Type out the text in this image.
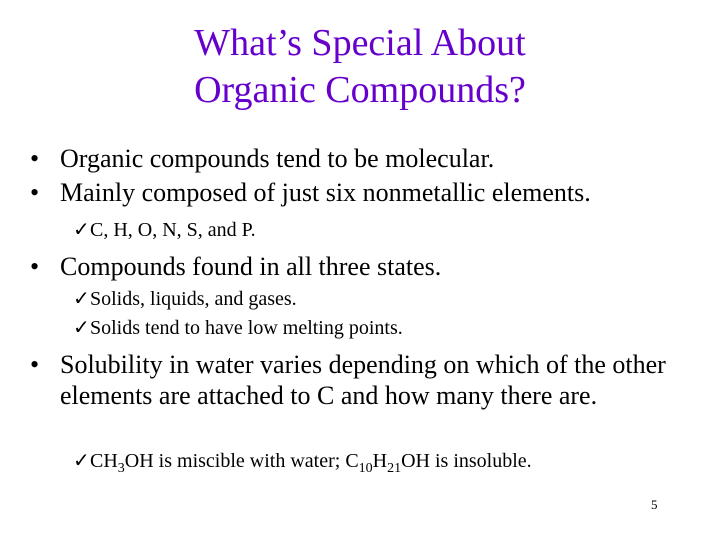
What’s Special About
Organic Compounds?
• Organic compounds tend to be molecular.
• Mainly composed of just six nonmetallic elements.
✓ C, H, O, N, S, and P.
• Compounds found in all three states.
✓ Solids, liquids, and gases.
✓ Solids tend to have low melting points.
• Solubility in water varies depending on which of the other elements are attached to C and how many there are.
✓ $CH_3OH$ is miscible with water; $C_{10}H_{21}OH$ is insoluble.
5
